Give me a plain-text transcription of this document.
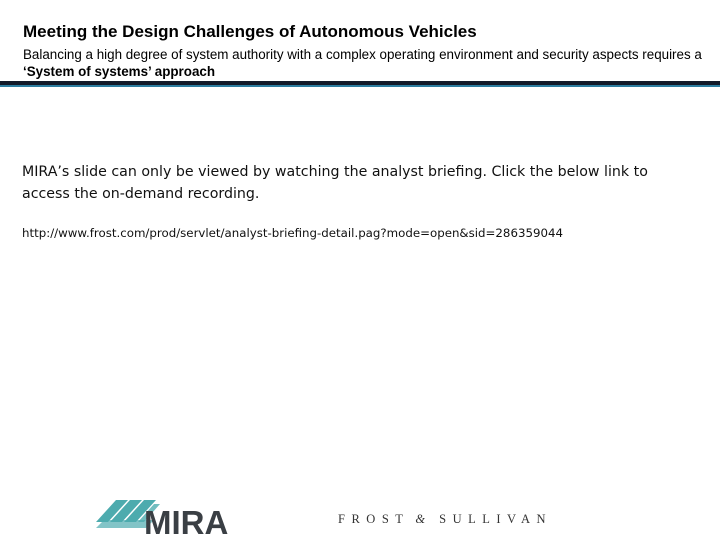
Meeting the Design Challenges of Autonomous Vehicles
Balancing a high degree of system authority with a complex operating environment and security aspects requires a ‘System of systems’ approach
MIRA’s slide can only be viewed by watching the analyst briefing. Click the below link to access the on-demand recording.
http://www.frost.com/prod/servlet/analyst-briefing-detail.pag?mode=open&sid=286359044
MIRA	FROST & SULLIVAN
